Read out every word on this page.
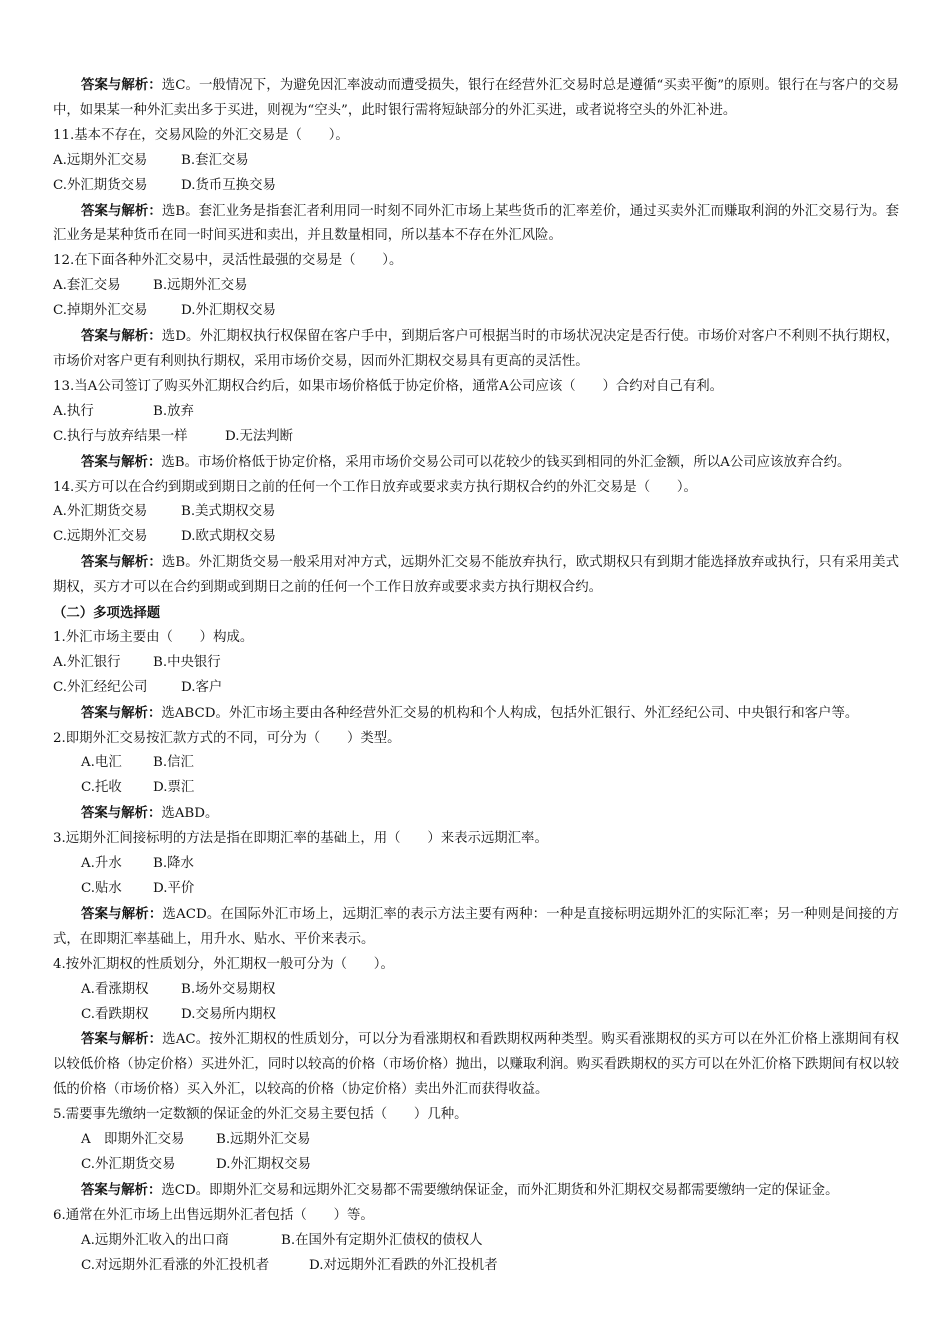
答案与解析：选C。一般情况下，为避免因汇率波动而遭受损失，银行在经营外汇交易时总是遵循“买卖平衡”的原则。银行在与客户的交易中，如果某一种外汇卖出多于买进，则视为“空头”，此时银行需将短缺部分的外汇买进，或者说将空头的外汇补进。
11.基本不存在，交易风险的外汇交易是（　　）。
A.远期外汇交易	B.套汇交易
C.外汇期货交易	D.货币互换交易
答案与解析：选B。套汇业务是指套汇者利用同一时刻不同外汇市场上某些货币的汇率差价，通过买卖外汇而赚取利润的外汇交易行为。套汇业务是某种货币在同一时间买进和卖出，并且数量相同，所以基本不存在外汇风险。
12.在下面各种外汇交易中，灵活性最强的交易是（　　）。
A.套汇交易 B.远期外汇交易
C.掉期外汇交易	D.外汇期权交易
答案与解析：选D。外汇期权执行权保留在客户手中，到期后客户可根据当时的市场状况决定是否行使。市场价对客户不利则不执行期权，市场价对客户更有利则执行期权，采用市场价交易，因而外汇期权交易具有更高的灵活性。
13.当A公司签订了购买外汇期权合约后，如果市场价格低于协定价格，通常A公司应该（　　）合约对自己有利。
A.执行	B.放弃
C.执行与放弃结果一样	D.无法判断
答案与解析：选B。市场价格低于协定价格，采用市场价交易公司可以花较少的钱买到相同的外汇金额，所以A公司应该放弃合约。
14.买方可以在合约到期或到期日之前的任何一个工作日放弃或要求卖方执行期权合约的外汇交易是（　　）。
A.外汇期货交易	B.美式期权交易
C.远期外汇交易	D.欧式期权交易
答案与解析：选B。外汇期货交易一般采用对冲方式，远期外汇交易不能放弃执行，欧式期权只有到期才能选择放弃或执行，只有采用美式期权，买方才可以在合约到期或到期日之前的任何一个工作日放弃或要求卖方执行期权合约。
（二）多项选择题
1.外汇市场主要由（　　）构成。
A.外汇银行 B.中央银行
C.外汇经纪公司	D.客户
答案与解析：选ABCD。外汇市场主要由各种经营外汇交易的机构和个人构成，包括外汇银行、外汇经纪公司、中央银行和客户等。
2.即期外汇交易按汇款方式的不同，可分为（　　）类型。
A.电汇 B.信汇
C.托收 D.票汇
答案与解析：选ABD。
3.远期外汇间接标明的方法是指在即期汇率的基础上，用（　　）来表示远期汇率。
A.升水 B.降水
C.贴水 D.平价
答案与解析：选ACD。在国际外汇市场上，远期汇率的表示方法主要有两种：一种是直接标明远期外汇的实际汇率；另一种则是间接的方式，在即期汇率基础上，用升水、贴水、平价来表示。
4.按外汇期权的性质划分，外汇期权一般可分为（　　）。
A.看涨期权 B.场外交易期权
C.看跌期权 D.交易所内期权
答案与解析：选AC。按外汇期权的性质划分，可以分为看涨期权和看跌期权两种类型。购买看涨期权的买方可以在外汇价格上涨期间有权以较低价格（协定价格）买进外汇，同时以较高的价格（市场价格）抛出，以赚取利润。购买看跌期权的买方可以在外汇价格下跌期间有权以较低的价格（市场价格）买入外汇，以较高的价格（协定价格）卖出外汇而获得收益。
5.需要事先缴纳一定数额的保证金的外汇交易主要包括（　　）几种。
A　即期外汇交易 B.远期外汇交易
C.外汇期货交易	D.外汇期权交易
答案与解析：选CD。即期外汇交易和远期外汇交易都不需要缴纳保证金，而外汇期货和外汇期权交易都需要缴纳一定的保证金。
6.通常在外汇市场上出售远期外汇者包括（　　）等。
A.远期外汇收入的出口商	B.在国外有定期外汇债权的债权人
C.对远期外汇看涨的外汇投机者	D.对远期外汇看跌的外汇投机者
